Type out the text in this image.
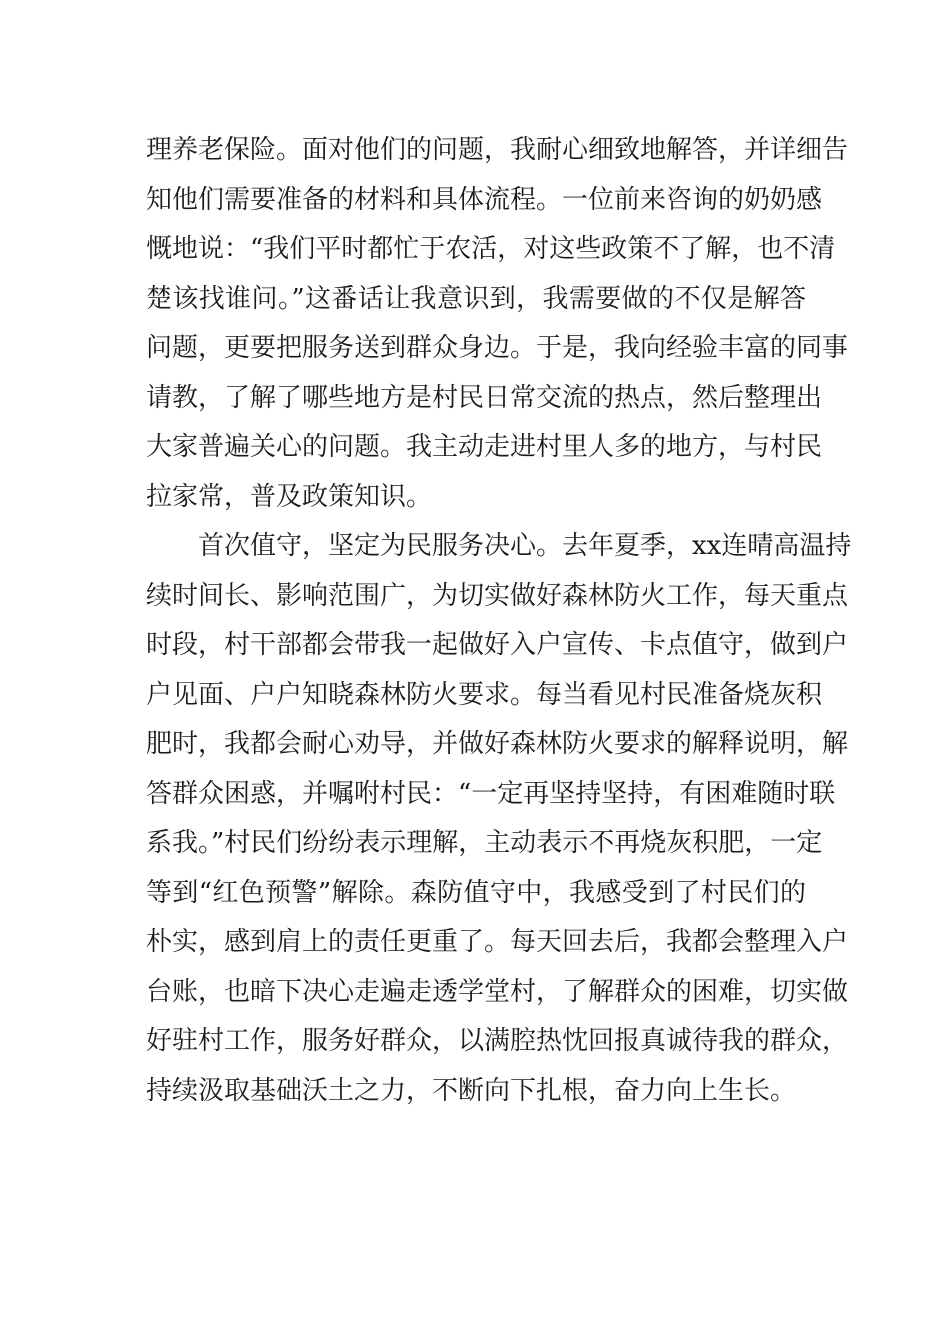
理养老保险。面对他们的问题，我耐心细致地解答，并详细告
知他们需要准备的材料和具体流程。一位前来咨询的奶奶感
慨地说：“我们平时都忙于农活，对这些政策不了解，也不清
楚该找谁问。”这番话让我意识到，我需要做的不仅是解答
问题，更要把服务送到群众身边。于是，我向经验丰富的同事
请教，了解了哪些地方是村民日常交流的热点，然后整理出
大家普遍关心的问题。我主动走进村里人多的地方，与村民
拉家常，普及政策知识。
首次值守，坚定为民服务决心。去年夏季，xx连晴高温持
续时间长、影响范围广，为切实做好森林防火工作，每天重点
时段，村干部都会带我一起做好入户宣传、卡点值守，做到户
户见面、户户知晓森林防火要求。每当看见村民准备烧灰积
肥时，我都会耐心劝导，并做好森林防火要求的解释说明，解
答群众困惑，并嘱咐村民：“一定再坚持坚持，有困难随时联
系我。”村民们纷纷表示理解，主动表示不再烧灰积肥，一定
等到“红色预警”解除。森防值守中，我感受到了村民们的
朴实，感到肩上的责任更重了。每天回去后，我都会整理入户
台账，也暗下决心走遍走透学堂村，了解群众的困难，切实做
好驻村工作，服务好群众，以满腔热忱回报真诚待我的群众，
持续汲取基础沃土之力，不断向下扎根，奋力向上生长。
